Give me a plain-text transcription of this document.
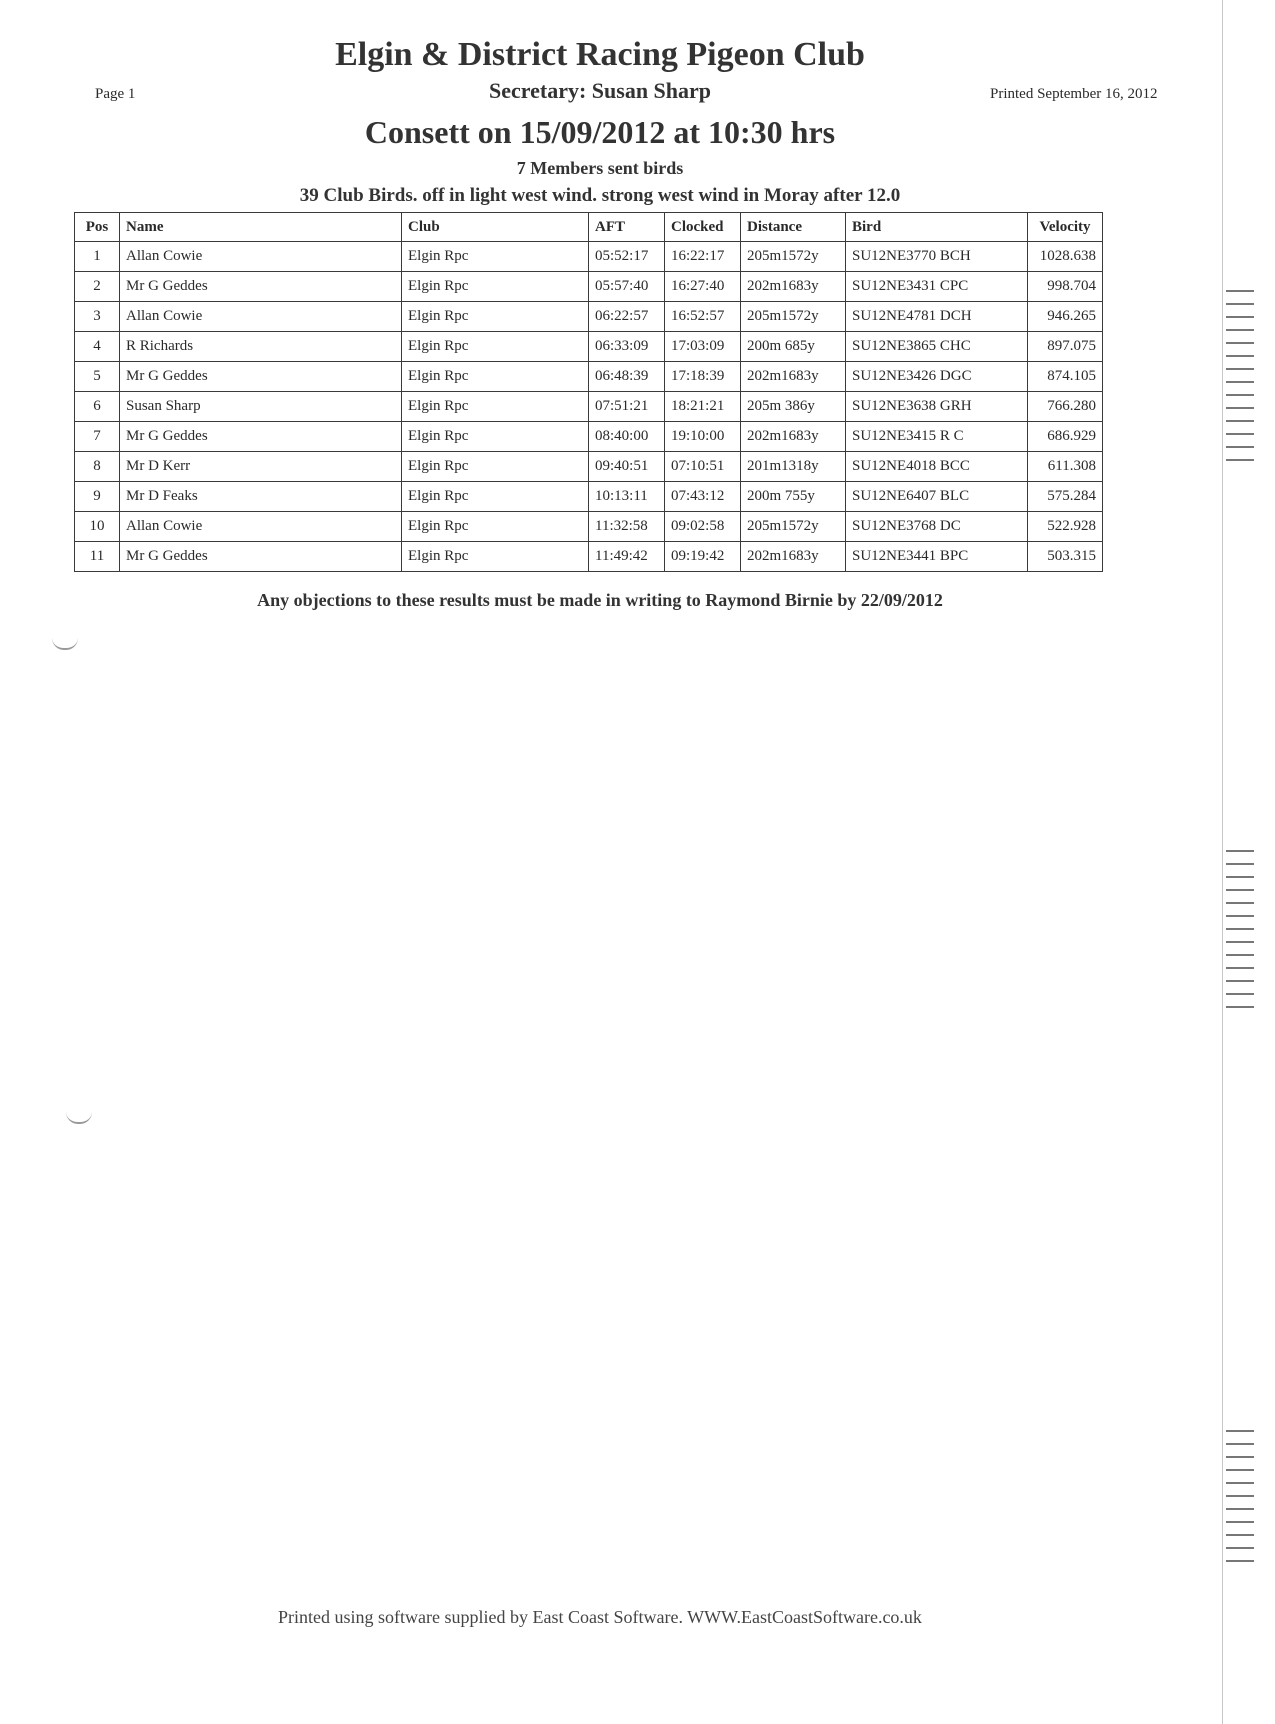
Elgin & District Racing Pigeon Club
Page 1	Secretary: Susan Sharp	Printed September 16, 2012
Consett on 15/09/2012 at 10:30 hrs
7 Members sent birds
39 Club Birds. off in light west wind. strong west wind in Moray after 12.0
Pos	Name	Club	AFT	Clocked	Distance	Bird	Velocity
1	Allan Cowie	Elgin Rpc	05:52:17	16:22:17	205m1572y	SU12NE3770 BCH	1028.638
2	Mr G Geddes	Elgin Rpc	05:57:40	16:27:40	202m1683y	SU12NE3431 CPC	998.704
3	Allan Cowie	Elgin Rpc	06:22:57	16:52:57	205m1572y	SU12NE4781 DCH	946.265
4	R Richards	Elgin Rpc	06:33:09	17:03:09	200m 685y	SU12NE3865 CHC	897.075
5	Mr G Geddes	Elgin Rpc	06:48:39	17:18:39	202m1683y	SU12NE3426 DGC	874.105
6	Susan Sharp	Elgin Rpc	07:51:21	18:21:21	205m 386y	SU12NE3638 GRH	766.280
7	Mr G Geddes	Elgin Rpc	08:40:00	19:10:00	202m1683y	SU12NE3415 R C	686.929
8	Mr D Kerr	Elgin Rpc	09:40:51	07:10:51	201m1318y	SU12NE4018 BCC	611.308
9	Mr D Feaks	Elgin Rpc	10:13:11	07:43:12	200m 755y	SU12NE6407 BLC	575.284
10	Allan Cowie	Elgin Rpc	11:32:58	09:02:58	205m1572y	SU12NE3768 DC	522.928
11	Mr G Geddes	Elgin Rpc	11:49:42	09:19:42	202m1683y	SU12NE3441 BPC	503.315
Any objections to these results must be made in writing to Raymond Birnie by 22/09/2012
Printed using software supplied by East Coast Software. WWW.EastCoastSoftware.co.uk
